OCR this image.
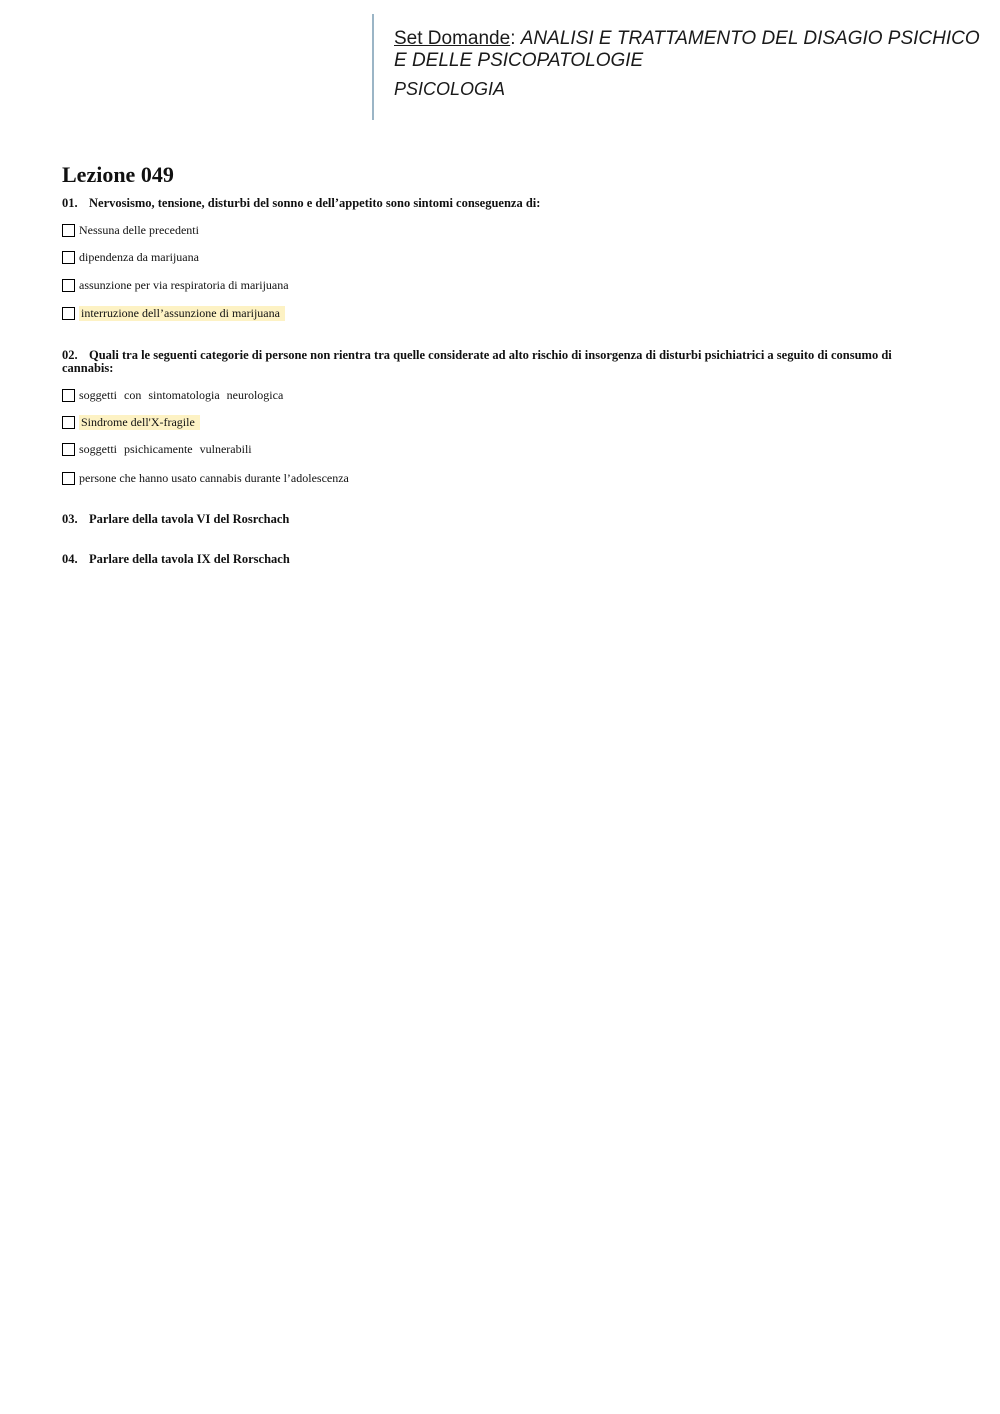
Set Domande: ANALISI E TRATTAMENTO DEL DISAGIO PSICHICO E DELLE PSICOPATOLOGIE
PSICOLOGIA
Lezione 049
01. Nervosismo, tensione, disturbi del sonno e dell’appetito sono sintomi conseguenza di:
Nessuna delle precedenti
dipendenza da marijuana
assunzione per via respiratoria di marijuana
interruzione dell’assunzione di marijuana
02. Quali tra le seguenti categorie di persone non rientra tra quelle considerate ad alto rischio di insorgenza di disturbi psichiatrici a seguito di consumo di cannabis:
soggetti con sintomatologia neurologica
Sindrome dell'X-fragile
soggetti psichicamente vulnerabili
persone che hanno usato cannabis durante l’adolescenza
03. Parlare della tavola VI del Rosrchach
04. Parlare della tavola IX del Rorschach
